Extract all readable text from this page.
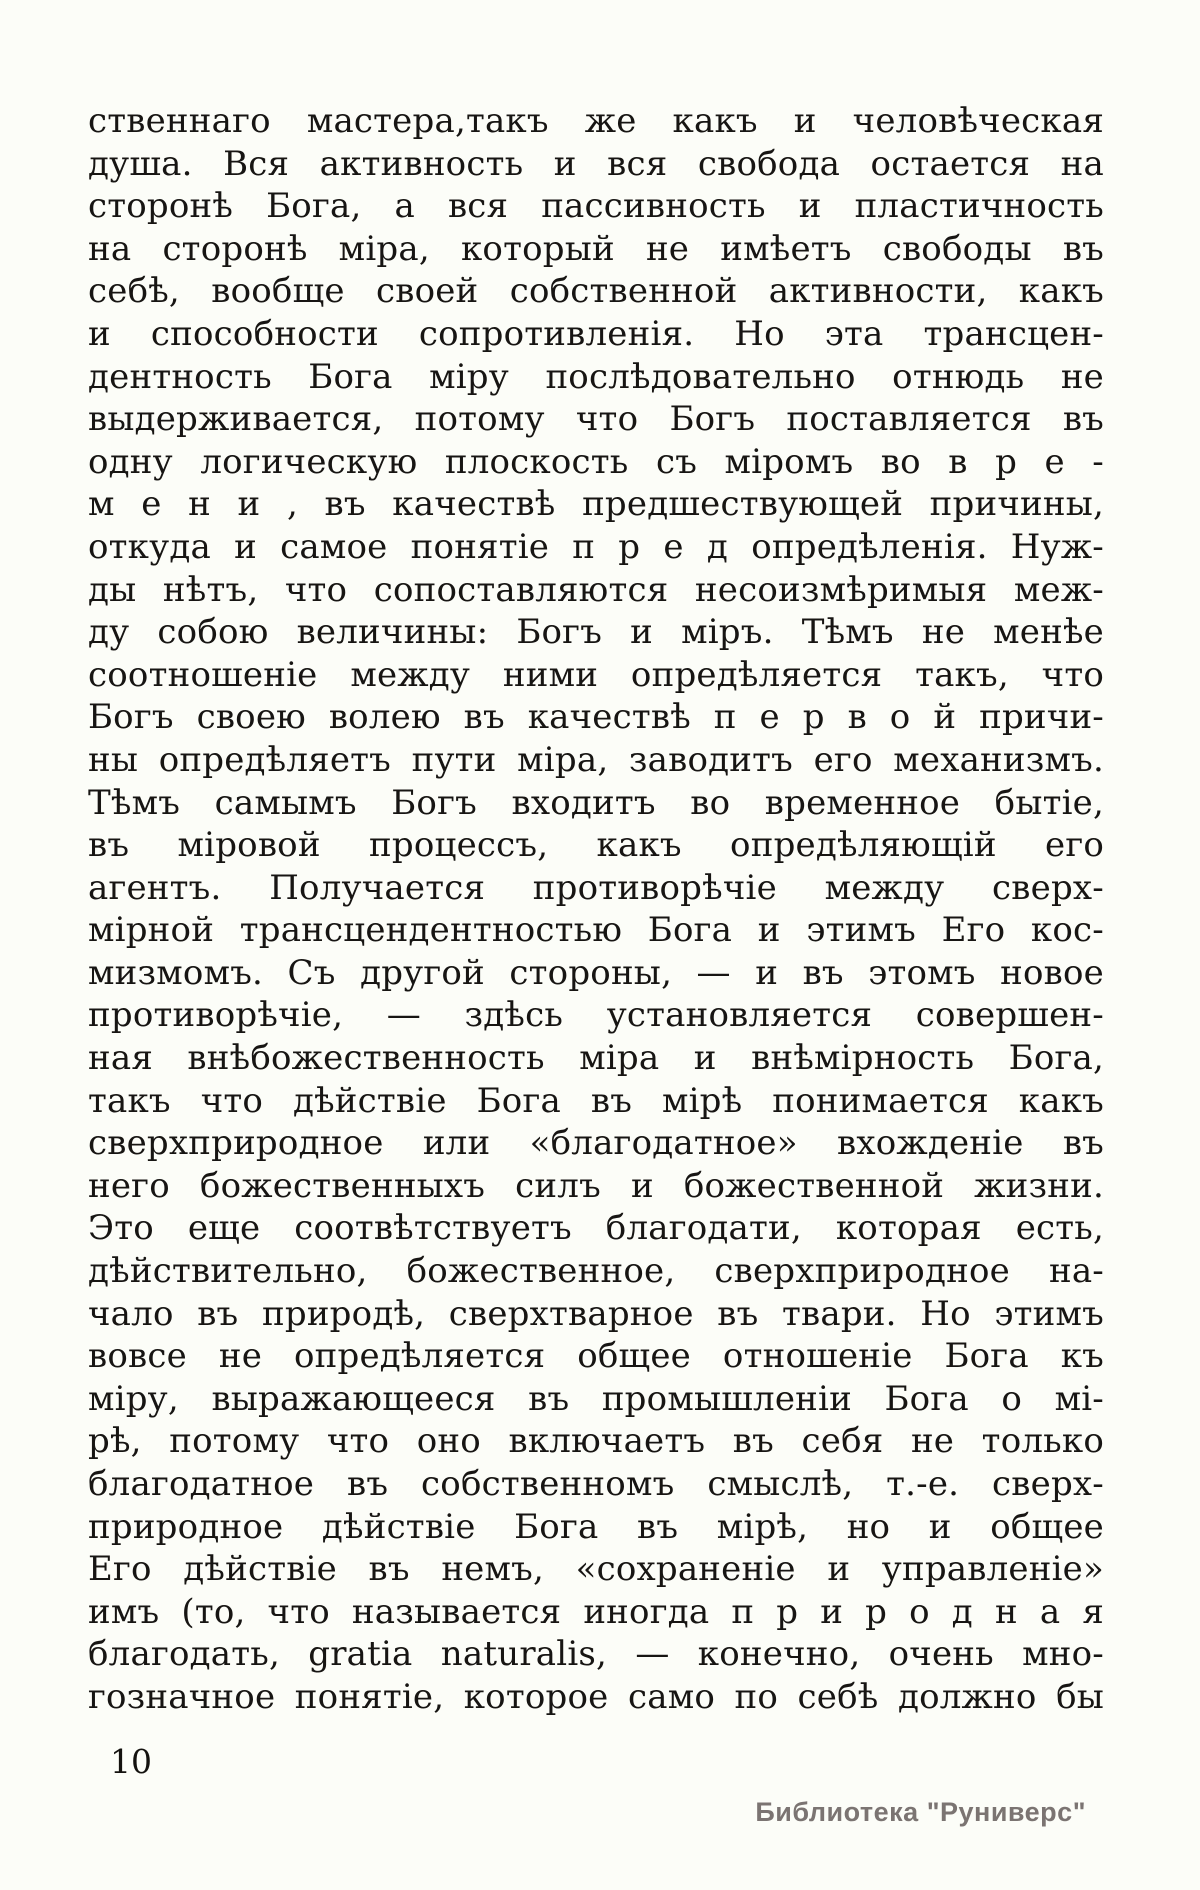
ственнаго мастера,такъ же какъ и человѣческая
душа. Вся активность и вся свобода остается на
сторонѣ Бога, а вся пассивность и пластичность
на сторонѣ міра, который не имѣетъ свободы въ
себѣ, вообще своей собственной активности, какъ
и способности сопротивленія. Но эта трансцен-
дентность Бога міру послѣдовательно отнюдь не
выдерживается, потому что Богъ поставляется въ
одну логическую плоскость съ міромъ во в р е -
м е н и , въ качествѣ предшествующей причины,
откуда и самое понятіе п р е д опредѣленія. Нуж-
ды нѣтъ, что сопоставляются несоизмѣримыя меж-
ду собою величины: Богъ и міръ. Тѣмъ не менѣе
соотношеніе между ними опредѣляется такъ, что
Богъ своею волею въ качествѣ п е р в о й причи-
ны опредѣляетъ пути міра, заводитъ его механизмъ.
Тѣмъ самымъ Богъ входитъ во временное бытіе,
въ міровой процессъ, какъ опредѣляющій его
агентъ. Получается противорѣчіе между сверх-
мірной трансцендентностью Бога и этимъ Его кос-
мизмомъ. Съ другой стороны, — и въ этомъ новое
противорѣчіе, — здѣсь установляется совершен-
ная внѣбожественность міра и внѣмірность Бога,
такъ что дѣйствіе Бога въ мірѣ понимается какъ
сверхприродное или «благодатное» вхожденіе въ
него божественныхъ силъ и божественной жизни.
Это еще соотвѣтствуетъ благодати, которая есть,
дѣйствительно, божественное, сверхприродное на-
чало въ природѣ, сверхтварное въ твари. Но этимъ
вовсе не опредѣляется общее отношеніе Бога къ
міру, выражающееся въ промышленіи Бога о мі-
рѣ, потому что оно включаетъ въ себя не только
благодатное въ собственномъ смыслѣ, т.-е. сверх-
природное дѣйствіе Бога въ мірѣ, но и общее
Его дѣйствіе въ немъ, «сохраненіе и управленіе»
имъ (то, что называется иногда п р и р о д н а я
благодать, gratia naturalis, — конечно, очень мно-
гозначное понятіе, которое само по себѣ должно бы
10
Библиотека "Руниверс"
